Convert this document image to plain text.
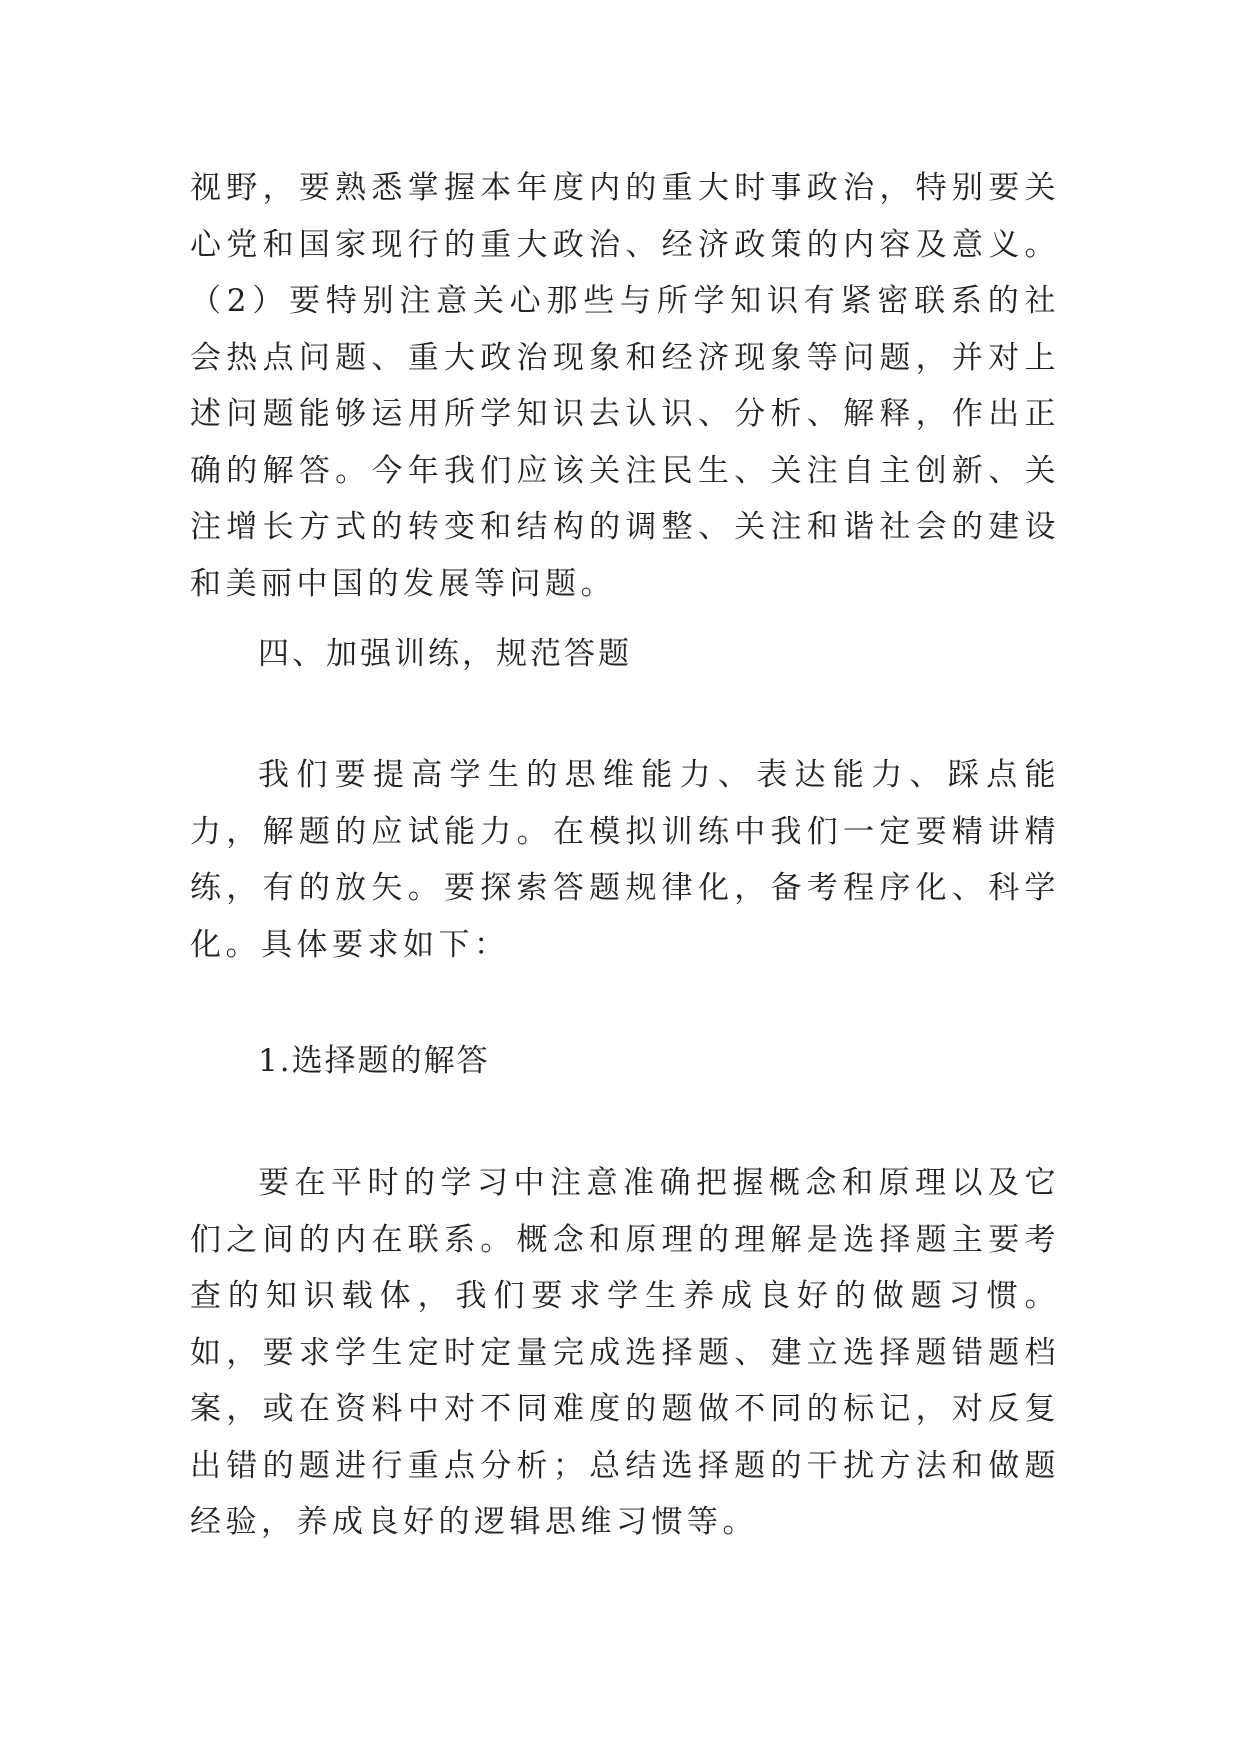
视野，要熟悉掌握本年度内的重大时事政治，特别要关心党和国家现行的重大政治、经济政策的内容及意义。（2）要特别注意关心那些与所学知识有紧密联系的社会热点问题、重大政治现象和经济现象等问题，并对上述问题能够运用所学知识去认识、分析、解释，作出正确的解答。今年我们应该关注民生、关注自主创新、关注增长方式的转变和结构的调整、关注和谐社会的建设和美丽中国的发展等问题。

四、加强训练，规范答题

我们要提高学生的思维能力、表达能力、踩点能力，解题的应试能力。在模拟训练中我们一定要精讲精练，有的放矢。要探索答题规律化，备考程序化、科学化。具体要求如下：

1.选择题的解答

要在平时的学习中注意准确把握概念和原理以及它们之间的内在联系。概念和原理的理解是选择题主要考查的知识载体，我们要求学生养成良好的做题习惯。如，要求学生定时定量完成选择题、建立选择题错题档案，或在资料中对不同难度的题做不同的标记，对反复出错的题进行重点分析；总结选择题的干扰方法和做题经验，养成良好的逻辑思维习惯等。
